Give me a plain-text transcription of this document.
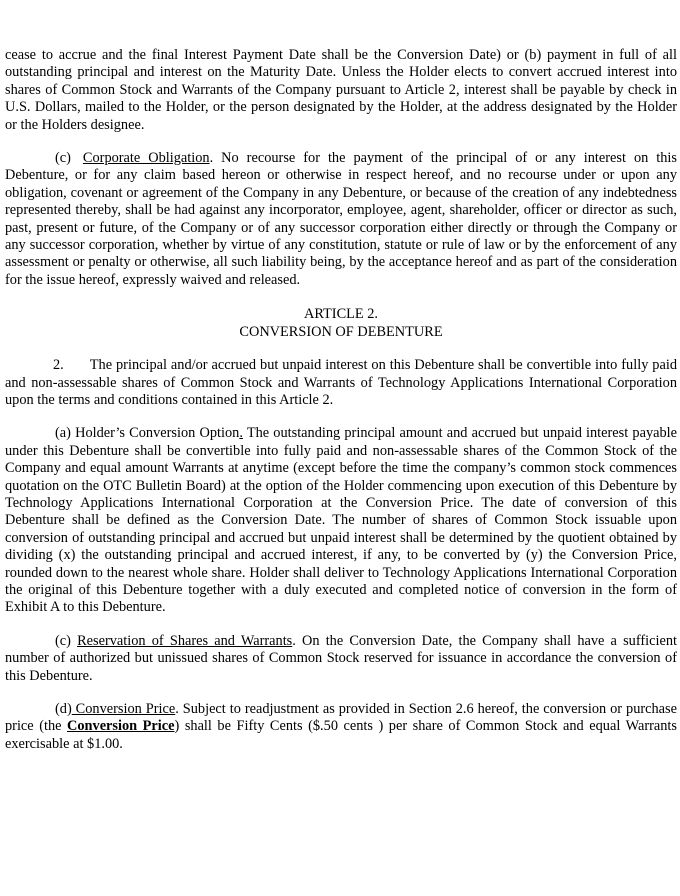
cease to accrue and the final Interest Payment Date shall be the Conversion Date) or (b) payment in full of all outstanding principal and interest on the Maturity Date. Unless the Holder elects to convert accrued interest into shares of Common Stock and Warrants of the Company pursuant to Article 2, interest shall be payable by check in U.S. Dollars, mailed to the Holder, or the person designated by the Holder, at the address designated by the Holder or the Holders designee.

(c) Corporate Obligation. No recourse for the payment of the principal of or any interest on this Debenture, or for any claim based hereon or otherwise in respect hereof, and no recourse under or upon any obligation, covenant or agreement of the Company in any Debenture, or because of the creation of any indebtedness represented thereby, shall be had against any incorporator, employee, agent, shareholder, officer or director as such, past, present or future, of the Company or of any successor corporation either directly or through the Company or any successor corporation, whether by virtue of any constitution, statute or rule of law or by the enforcement of any assessment or penalty or otherwise, all such liability being, by the acceptance hereof and as part of the consideration for the issue hereof, expressly waived and released.

ARTICLE 2.
CONVERSION OF DEBENTURE

2. The principal and/or accrued but unpaid interest on this Debenture shall be convertible into fully paid and non-assessable shares of Common Stock and Warrants of Technology Applications International Corporation upon the terms and conditions contained in this Article 2.

(a) Holder’s Conversion Option. The outstanding principal amount and accrued but unpaid interest payable under this Debenture shall be convertible into fully paid and non-assessable shares of the Common Stock of the Company and equal amount Warrants at anytime (except before the time the company’s common stock commences quotation on the OTC Bulletin Board) at the option of the Holder commencing upon execution of this Debenture by Technology Applications International Corporation at the Conversion Price. The date of conversion of this Debenture shall be defined as the Conversion Date. The number of shares of Common Stock issuable upon conversion of outstanding principal and accrued but unpaid interest shall be determined by the quotient obtained by dividing (x) the outstanding principal and accrued interest, if any, to be converted by (y) the Conversion Price, rounded down to the nearest whole share. Holder shall deliver to Technology Applications International Corporation the original of this Debenture together with a duly executed and completed notice of conversion in the form of Exhibit A to this Debenture.

(c) Reservation of Shares and Warrants. On the Conversion Date, the Company shall have a sufficient number of authorized but unissued shares of Common Stock reserved for issuance in accordance the conversion of this Debenture.

(d) Conversion Price. Subject to readjustment as provided in Section 2.6 hereof, the conversion or purchase price (the Conversion Price) shall be Fifty Cents ($.50 cents ) per share of Common Stock and equal Warrants exercisable at $1.00.
